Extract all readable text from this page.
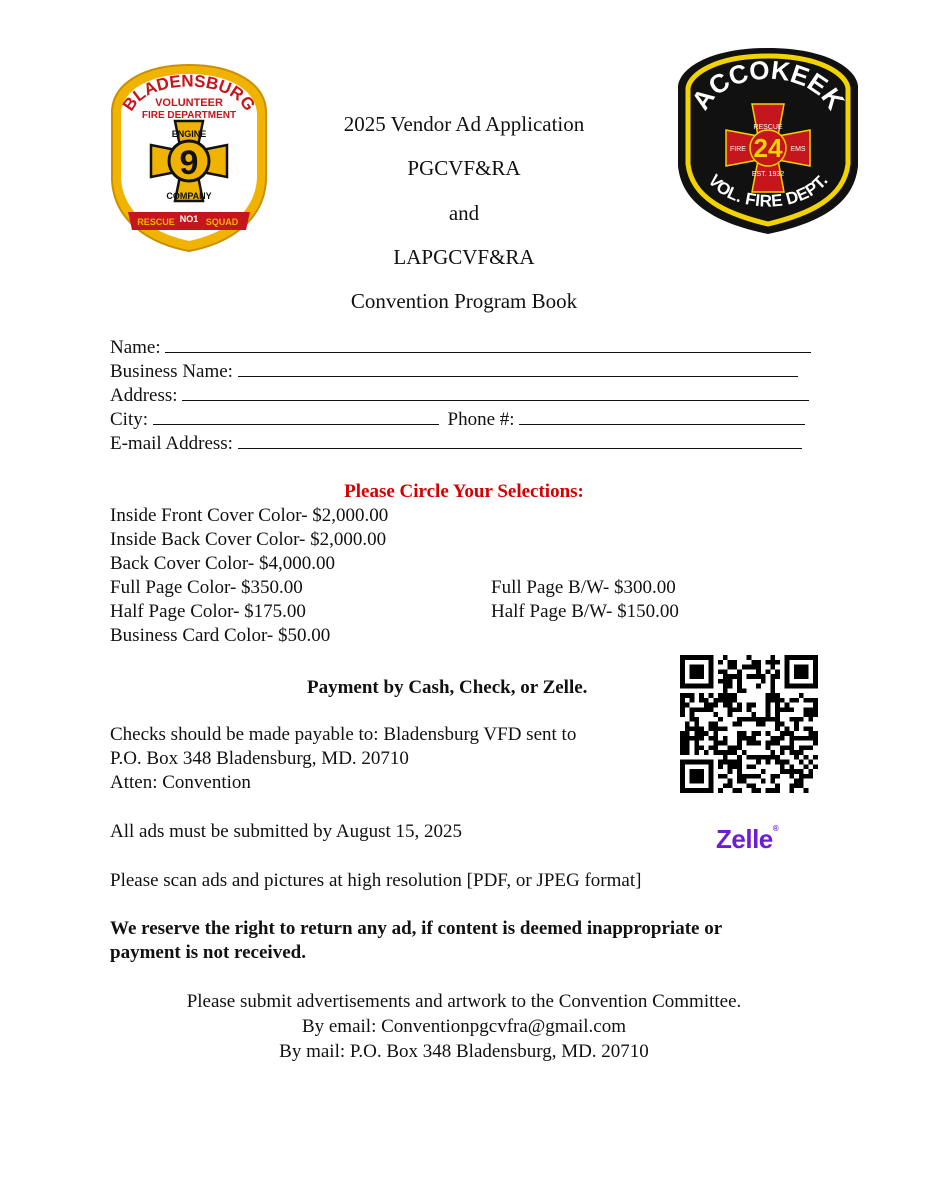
BLADENSBURG
VOLUNTEER
FIRE DEPARTMENT
ENGINE
9
COMPANY
RESCUE NO1 SQUAD
ACCOKEEK
RESCUE
FIRE	EMS
24
EST. 1932
VOL. FIRE DEPT.
2025 Vendor Ad Application
PGCVF&RA
and
LAPGCVF&RA
Convention Program Book
Name:
Business Name:
Address:
City:	Phone #:
E-mail Address:
Please Circle Your Selections:
Inside Front Cover Color- $2,000.00
Inside Back Cover Color- $2,000.00
Back Cover Color- $4,000.00
Full Page Color- $350.00	Full Page B/W- $300.00
Half Page Color- $175.00	Half Page B/W- $150.00
Business Card Color- $50.00
Payment by Cash, Check, or Zelle.
Checks should be made payable to: Bladensburg VFD sent to
P.O. Box 348 Bladensburg, MD. 20710
Atten: Convention
Zelle®
All ads must be submitted by August 15, 2025
Please scan ads and pictures at high resolution [PDF, or JPEG format]
We reserve the right to return any ad, if content is deemed inappropriate or
payment is not received.
Please submit advertisements and artwork to the Convention Committee.
By email: Conventionpgcvfra@gmail.com
By mail: P.O. Box 348 Bladensburg, MD. 20710
